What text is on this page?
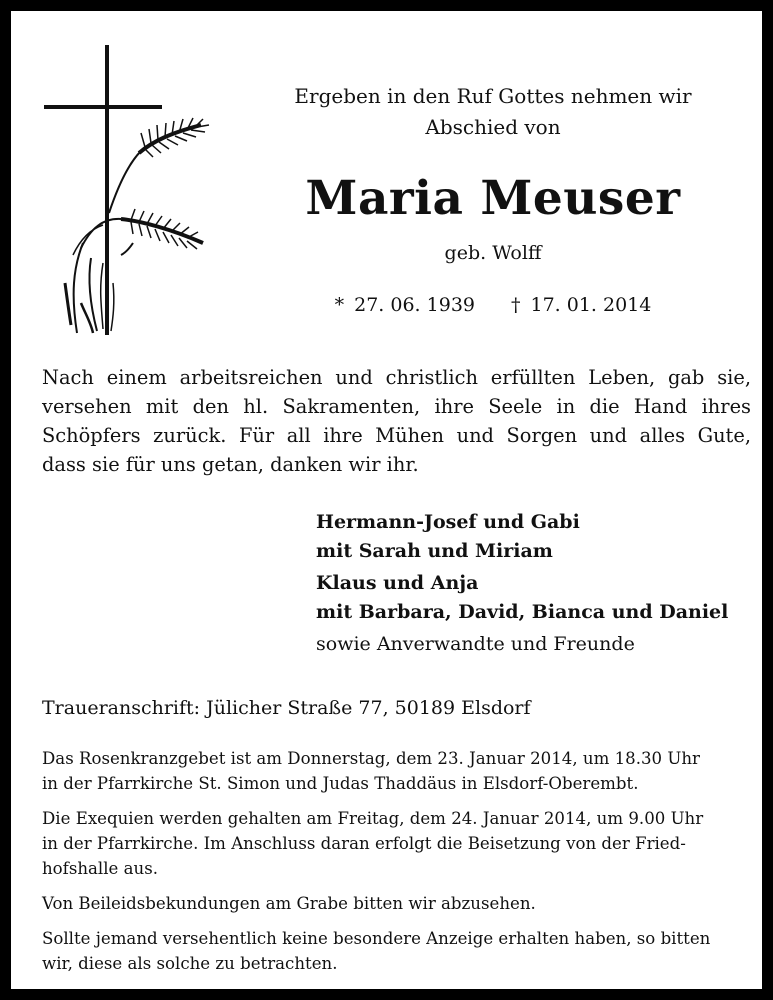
Ergeben in den Ruf Gottes nehmen wir
Abschied von
Maria Meuser
geb. Wolff
* 27. 06. 1939 † 17. 01. 2014
Nach einem arbeitsreichen und christlich erfüllten Leben, gab sie,
versehen mit den hl. Sakramenten, ihre Seele in die Hand ihres
Schöpfers zurück. Für all ihre Mühen und Sorgen und alles Gute,
dass sie für uns getan, danken wir ihr.
Hermann-Josef und Gabi
mit Sarah und Miriam
Klaus und Anja
mit Barbara, David, Bianca und Daniel
sowie Anverwandte und Freunde
Traueranschrift: Jülicher Straße 77, 50189 Elsdorf

Das Rosenkranzgebet ist am Donnerstag, dem 23. Januar 2014, um 18.30 Uhr
in der Pfarrkirche St. Simon und Judas Thaddäus in Elsdorf-Oberembt.

Die Exequien werden gehalten am Freitag, dem 24. Januar 2014, um 9.00 Uhr
in der Pfarrkirche. Im Anschluss daran erfolgt die Beisetzung von der Fried-
hofshalle aus.

Von Beileidsbekundungen am Grabe bitten wir abzusehen.

Sollte jemand versehentlich keine besondere Anzeige erhalten haben, so bitten
wir, diese als solche zu betrachten.
